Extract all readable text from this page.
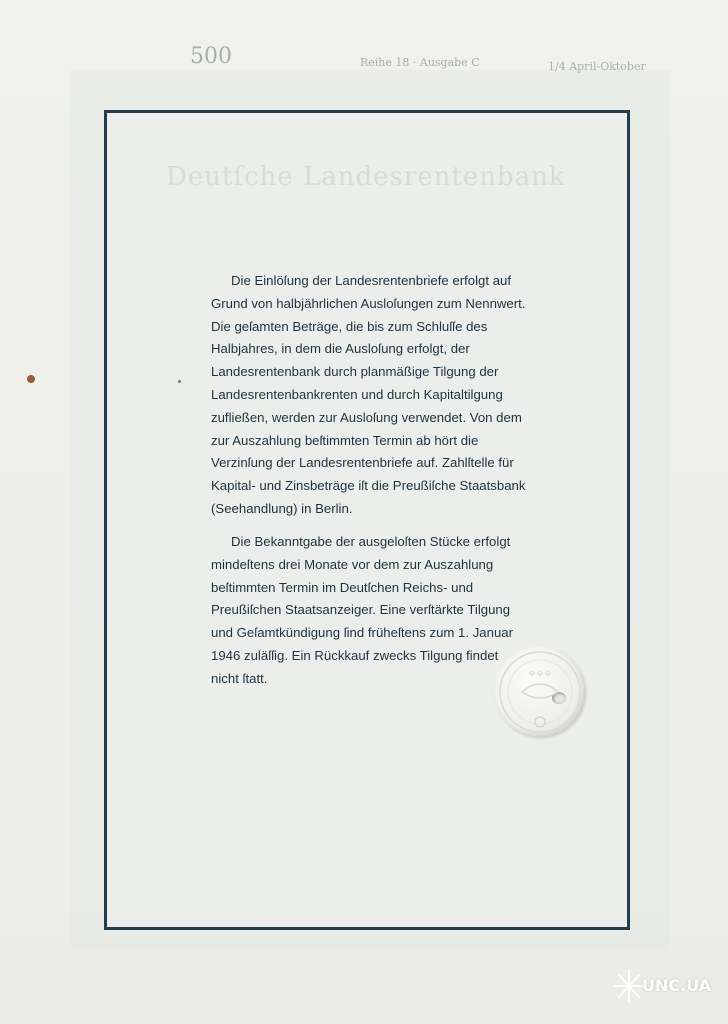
1/4 April-Oktober
Reihe 18 · Ausgabe C
500

Die Einlöſung der Landesrentenbriefe erfolgt auf Grund von halbjährlichen Ausloſungen zum Nennwert. Die geſamten Beträge, die bis zum Schluſſe des Halbjahres, in dem die Ausloſung erfolgt, der Landesrentenbank durch planmäßige Tilgung der Landesrentenbankrenten und durch Kapitaltilgung zufließen, werden zur Ausloſung verwendet. Von dem zur Auszahlung beſtimmten Termin ab hört die Verzinſung der Landesrentenbriefe auf. Zahlſtelle für Kapital- und Zinsbeträge iſt die Preußiſche Staatsbank (Seehandlung) in Berlin.

Die Bekanntgabe der ausgeloſten Stücke erfolgt mindeſtens drei Monate vor dem zur Auszahlung beſtimmten Termin im Deutſchen Reichs- und Preußiſchen Staatsanzeiger. Eine verſtärkte Tilgung und Geſamtkündigung ſind früheſtens zum 1. Januar 1946 zuläſſig. Ein Rückkauf zwecks Tilgung findet nicht ſtatt.	✠ ✠ ✠
UNC.UA
